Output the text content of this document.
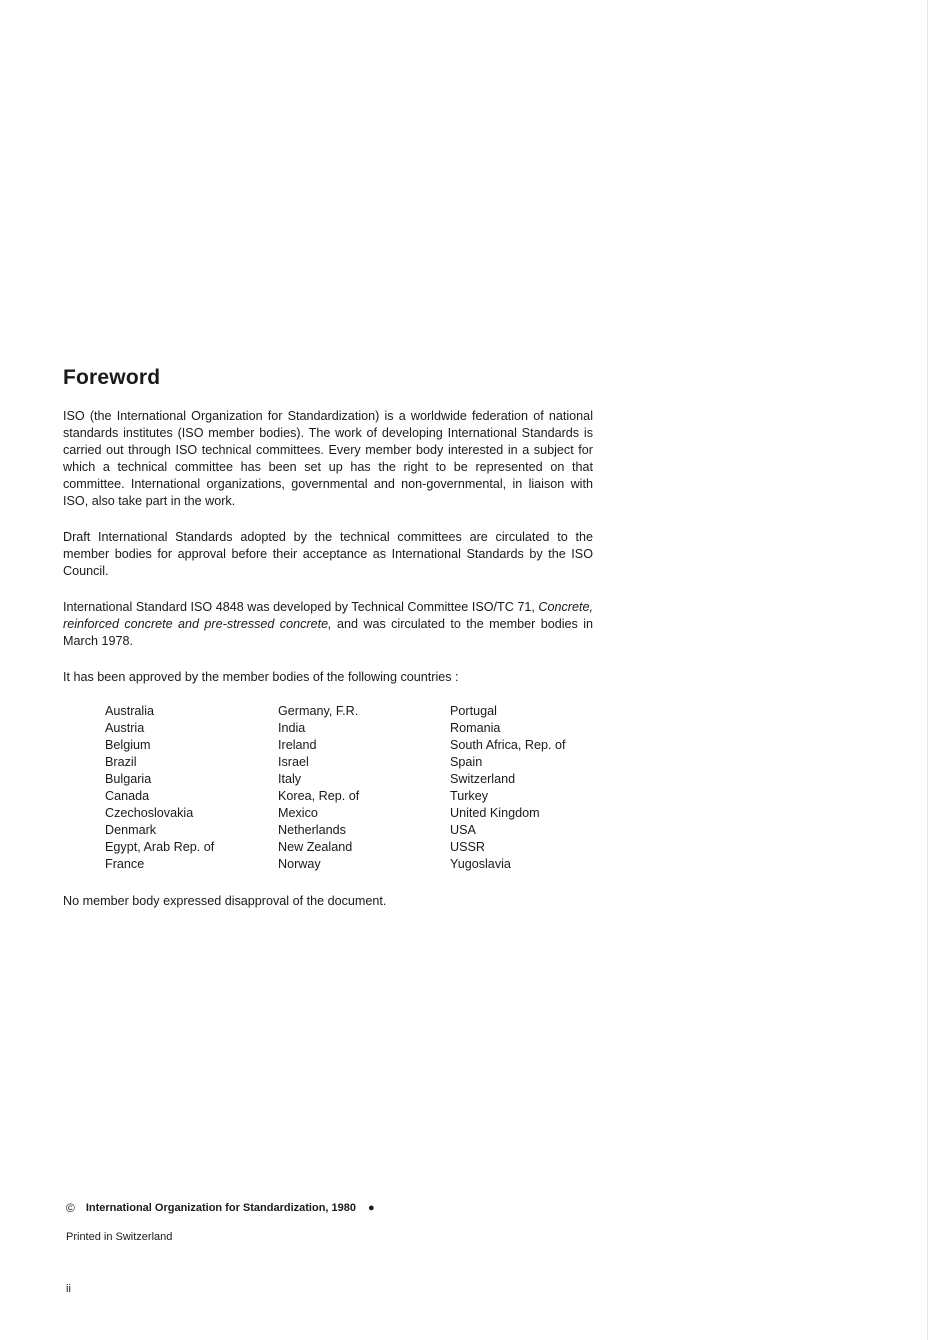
Foreword

ISO (the International Organization for Standardization) is a worldwide federation of national standards institutes (ISO member bodies). The work of developing International Standards is carried out through ISO technical committees. Every member body interested in a subject for which a technical committee has been set up has the right to be represented on that committee. International organizations, governmental and non-governmental, in liaison with ISO, also take part in the work.

Draft International Standards adopted by the technical committees are circulated to the member bodies for approval before their acceptance as International Standards by the ISO Council.

International Standard ISO 4848 was developed by Technical Committee ISO/TC 71, Concrete, reinforced concrete and pre-stressed concrete, and was circulated to the member bodies in March 1978.

It has been approved by the member bodies of the following countries :

Australia
Austria
Belgium
Brazil
Bulgaria
Canada
Czechoslovakia
Denmark
Egypt, Arab Rep. of
France
Germany, F.R.
India
Ireland
Israel
Italy
Korea, Rep. of
Mexico
Netherlands
New Zealand
Norway
Portugal
Romania
South Africa, Rep. of
Spain
Switzerland
Turkey
United Kingdom
USA
USSR
Yugoslavia

No member body expressed disapproval of the document.

© International Organization for Standardization, 1980 ●
Printed in Switzerland
ii
